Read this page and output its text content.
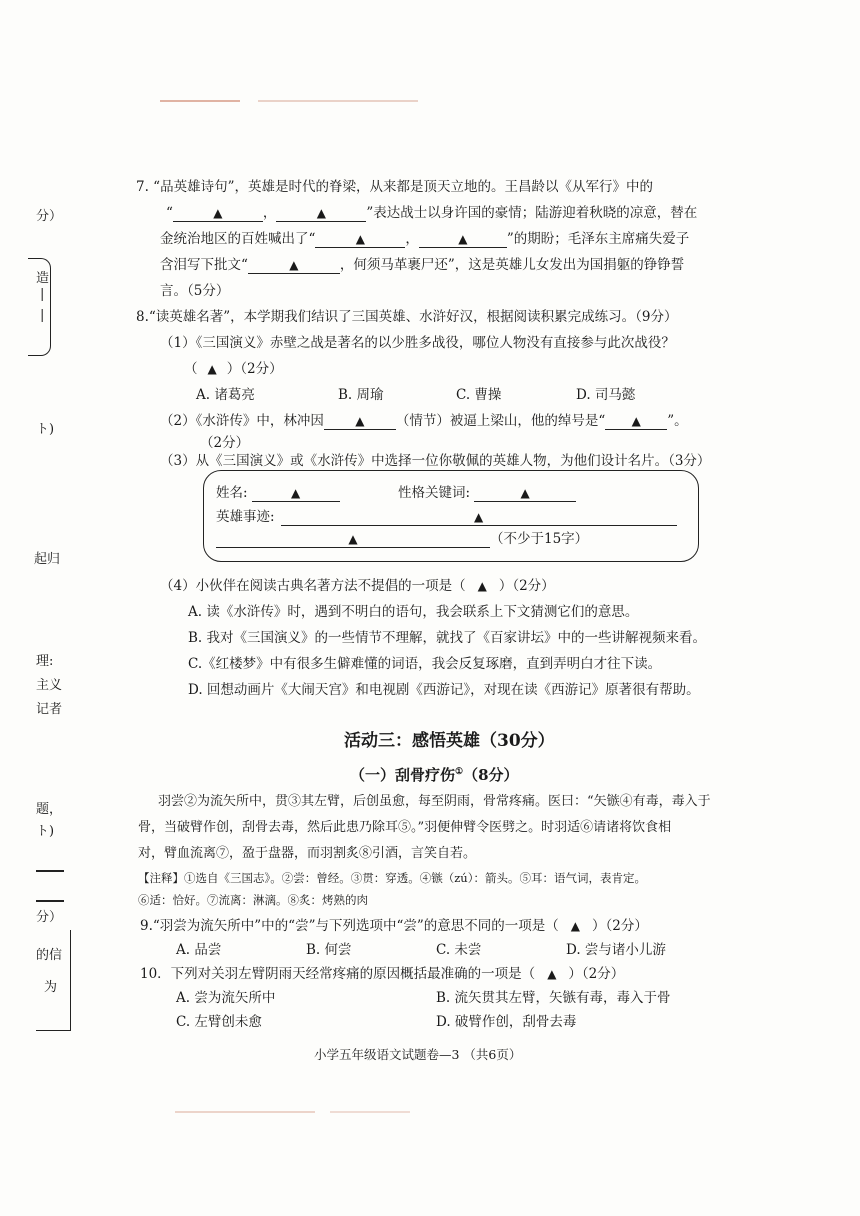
分）
造
|
|
ト)
起归
理:
主义
记者
题，
ト)
分）
的信
为
7. “品英雄诗句”，英雄是时代的脊梁，从来都是顶天立地的。王昌龄以《从军行》中的
“	▲	，	▲	”表达战士以身许国的豪情；陆游迎着秋晓的凉意，替在
金统治地区的百姓喊出了“	▲	，	▲	”的期盼；毛泽东主席痛失爱子
含泪写下批文“	▲	，何须马革裹尸还”，这是英雄儿女发出为国捐躯的铮铮誓
言。（5分）
8.“读英雄名著”，本学期我们结识了三国英雄、水浒好汉，根据阅读积累完成练习。（9分）
（1）《三国演义》赤壁之战是著名的以少胜多战役，哪位人物没有直接参与此次战役？
（ ▲ ）（2分）
A. 诸葛亮	B. 周瑜	C. 曹操	D. 司马懿
（2）《水浒传》中，林冲因	▲ （情节）被逼上梁山，他的绰号是“ ▲ ”。
（2分）
（3）从《三国演义》或《水浒传》中选择一位你敬佩的英雄人物，为他们设计名片。（3分）
姓名:	▲	性格关键词:	▲
英雄事迹:	▲
▲	（不少于15字）
（4）小伙伴在阅读古典名著方法不提倡的一项是（ ▲ ）（2分）
A. 读《水浒传》时，遇到不明白的语句，我会联系上下文猜测它们的意思。
B. 我对《三国演义》的一些情节不理解，就找了《百家讲坛》中的一些讲解视频来看。
C.《红楼梦》中有很多生僻难懂的词语，我会反复琢磨，直到弄明白才往下读。
D. 回想动画片《大闹天宫》和电视剧《西游记》，对现在读《西游记》原著很有帮助。
活动三：感悟英雄（30分）
（一）刮骨疗伤①（8分）
羽尝②为流矢所中，贯③其左臂，后创虽愈，每至阴雨，骨常疼痛。医曰：“矢镞④有毒，毒入于
骨，当破臂作创，刮骨去毒，然后此患乃除耳⑤。”羽便伸臂令医劈之。时羽适⑥请诸将饮食相
对，臂血流离⑦，盈于盘器，而羽割炙⑧引酒，言笑自若。
【注释】①选自《三国志》。②尝：曾经。③贯：穿透。④镞（zú）：箭头。⑤耳：语气词，表肯定。
⑥适：恰好。⑦流离：淋漓。⑧炙：烤熟的肉
9.“羽尝为流矢所中”中的“尝”与下列选项中“尝”的意思不同的一项是（ ▲ ）（2分）
A. 品尝	B. 何尝	C. 未尝	D. 尝与诸小儿游
10．下列对关羽左臂阴雨天经常疼痛的原因概括最准确的一项是（ ▲ ）（2分）
A. 尝为流矢所中	B. 流矢贯其左臂，矢镞有毒，毒入于骨
C. 左臂创未愈	D. 破臂作创，刮骨去毒
小学五年级语文试题卷—3 （共6页）
